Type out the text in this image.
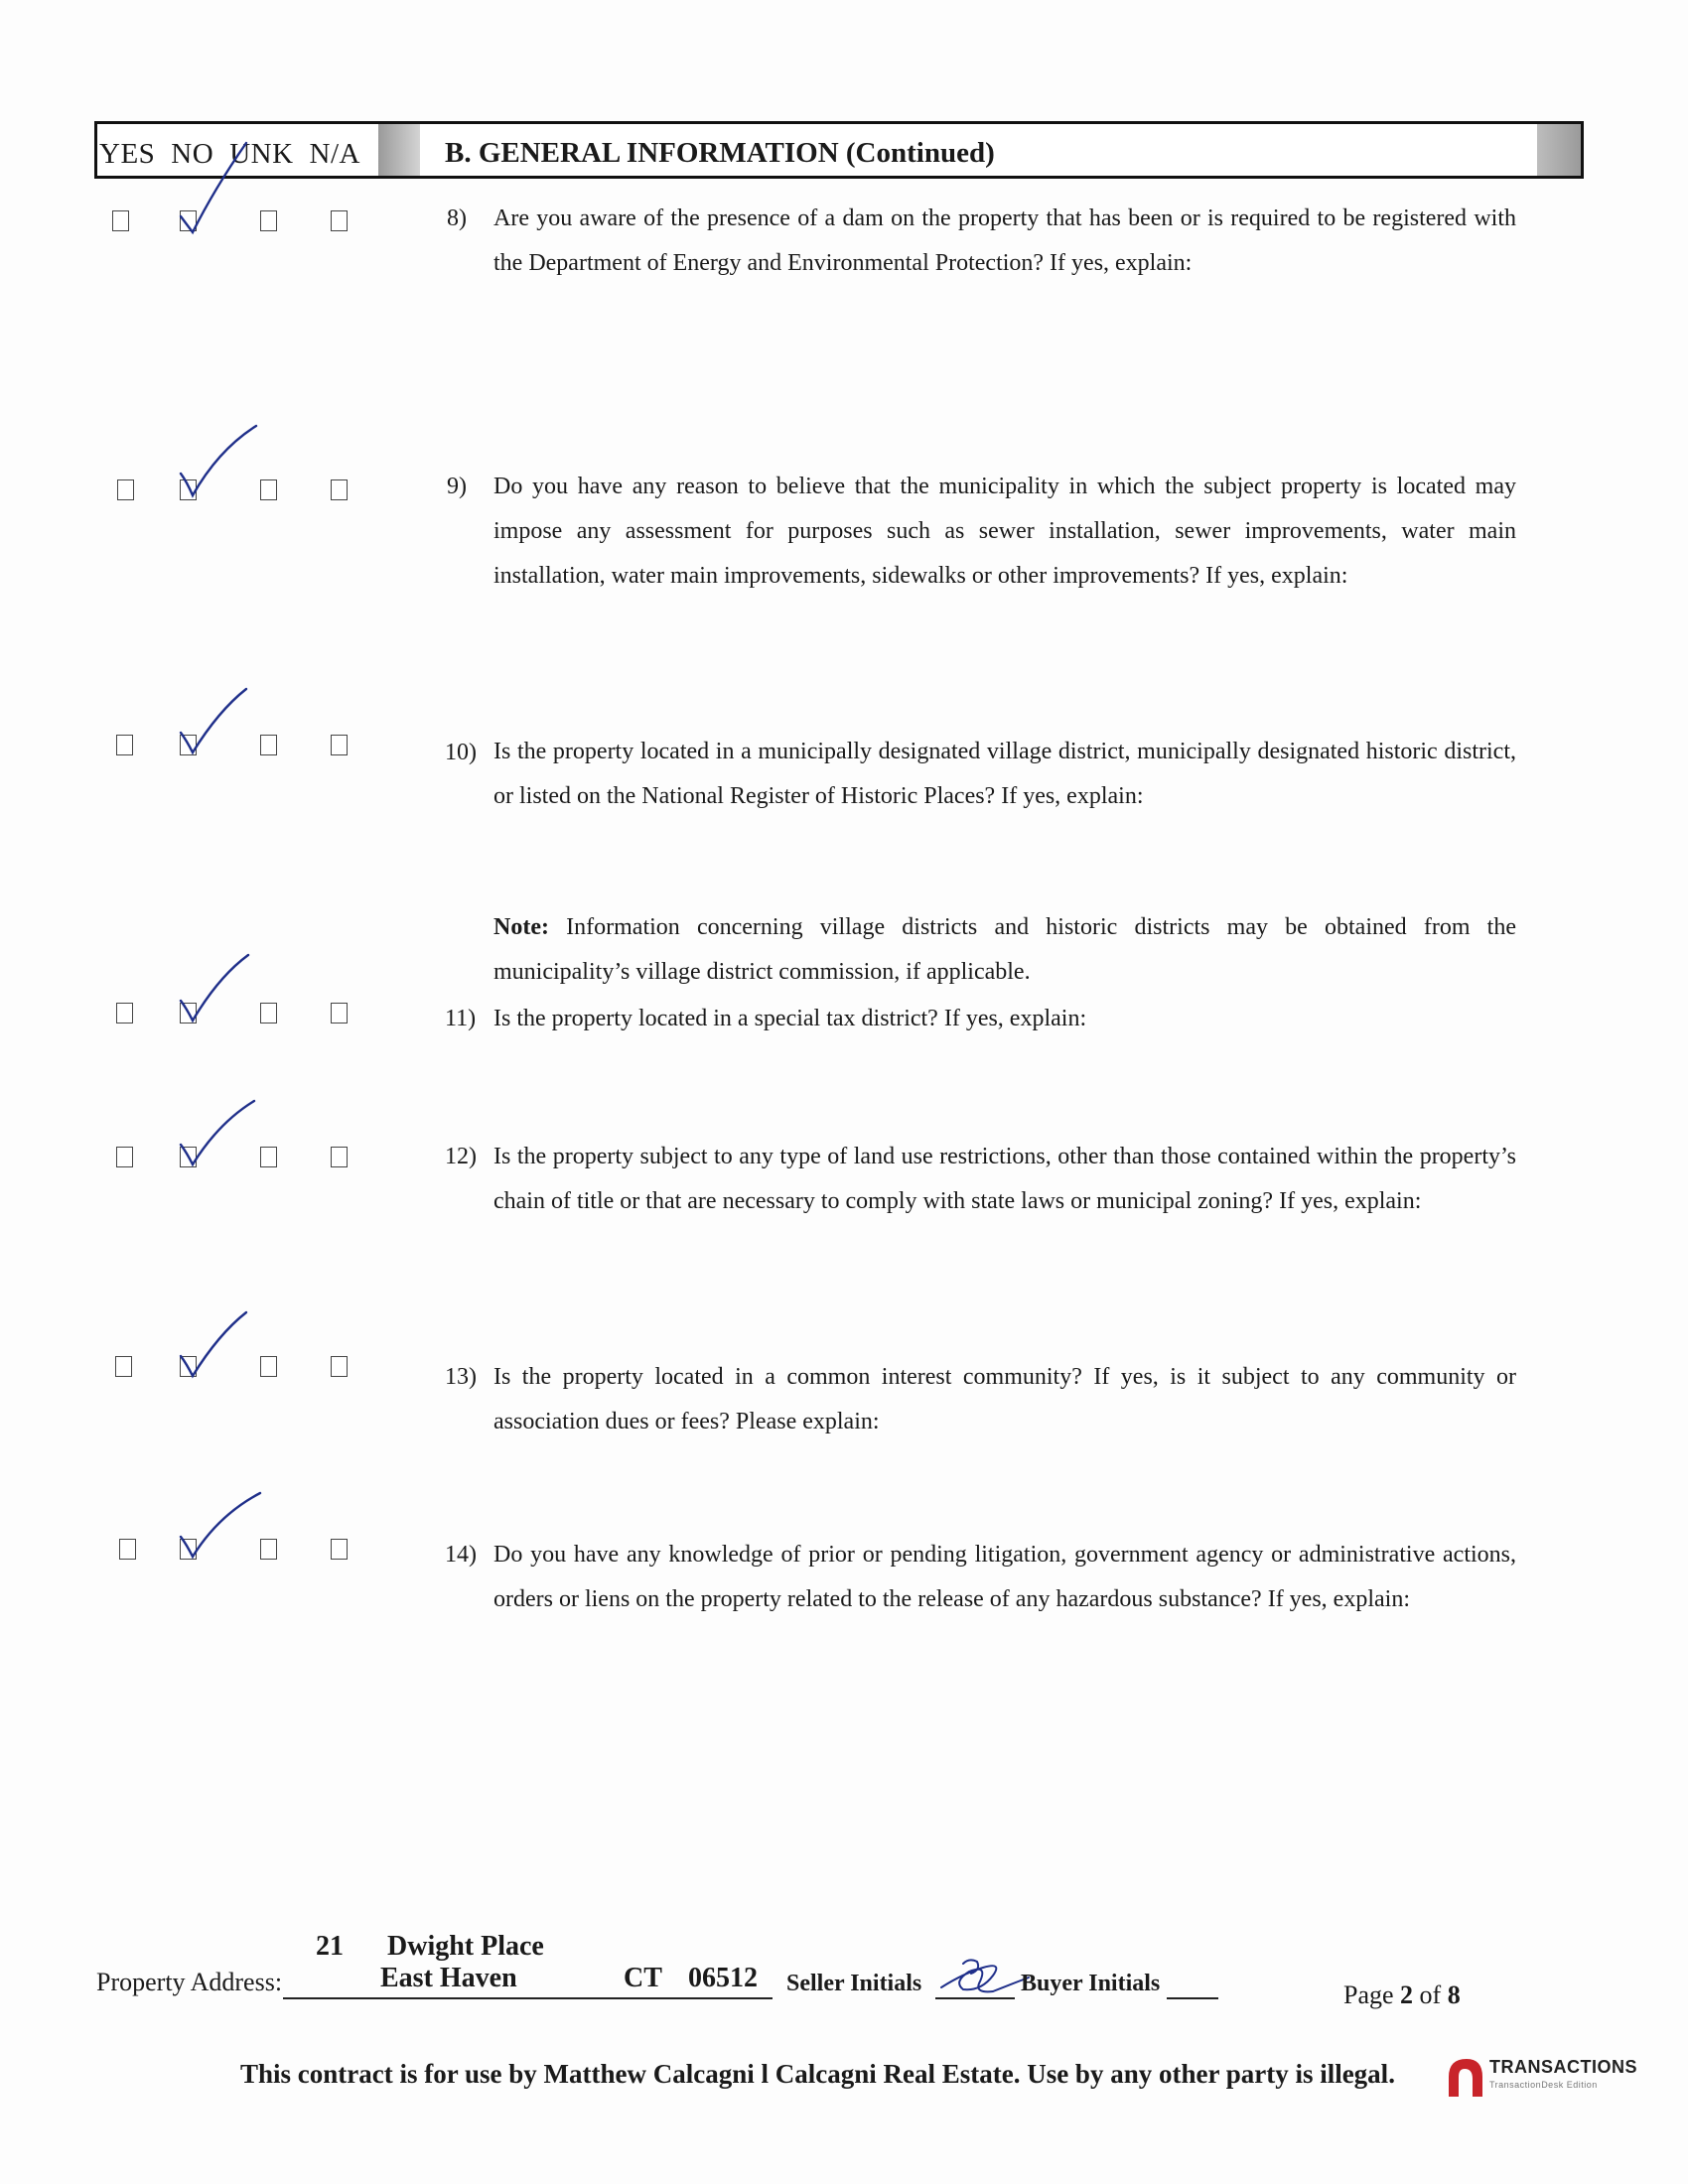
YES NO UNK N/A	B. GENERAL INFORMATION (Continued)
8) Are you aware of the presence of a dam on the property that has been or is required to be registered with the Department of Energy and Environmental Protection? If yes, explain:
9) Do you have any reason to believe that the municipality in which the subject property is located may impose any assessment for purposes such as sewer installation, sewer improvements, water main installation, water main improvements, sidewalks or other improvements? If yes, explain:
10) Is the property located in a municipally designated village district, municipally designated historic district, or listed on the National Register of Historic Places? If yes, explain:
Note: Information concerning village districts and historic districts may be obtained from the municipality’s village district commission, if applicable.
11) Is the property located in a special tax district? If yes, explain:
12) Is the property subject to any type of land use restrictions, other than those contained within the property’s chain of title or that are necessary to comply with state laws or municipal zoning? If yes, explain:
13) Is the property located in a common interest community? If yes, is it subject to any community or association dues or fees? Please explain:
14) Do you have any knowledge of prior or pending litigation, government agency or administrative actions, orders or liens on the property related to the release of any hazardous substance? If yes, explain:
21 Dwight Place
Property Address:	East Haven	CT 06512 Seller Initials	Buyer Initials	Page 2 of 8
This contract is for use by Matthew Calcagni l Calcagni Real Estate. Use by any other party is illegal.	TRANSACTIONS
TransactionDesk Edition
